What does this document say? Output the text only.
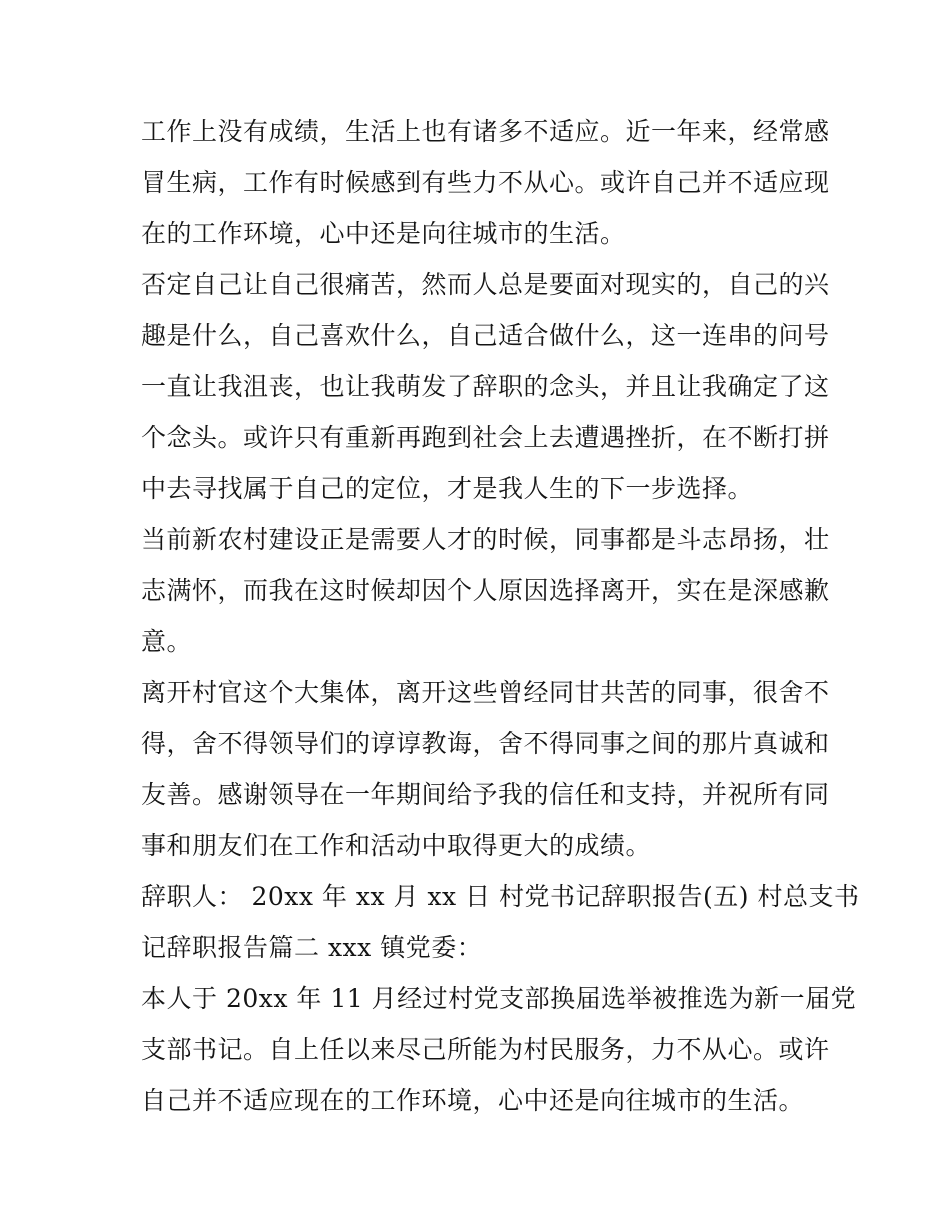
工作上没有成绩，生活上也有诸多不适应。近一年来，经常感
冒生病，工作有时候感到有些力不从心。或许自己并不适应现
在的工作环境，心中还是向往城市的生活。

否定自己让自己很痛苦，然而人总是要面对现实的，自己的兴
趣是什么，自己喜欢什么，自己适合做什么，这一连串的问号
一直让我沮丧，也让我萌发了辞职的念头，并且让我确定了这
个念头。或许只有重新再跑到社会上去遭遇挫折，在不断打拼
中去寻找属于自己的定位，才是我人生的下一步选择。

当前新农村建设正是需要人才的时候，同事都是斗志昂扬，壮
志满怀，而我在这时候却因个人原因选择离开，实在是深感歉
意。

离开村官这个大集体，离开这些曾经同甘共苦的同事，很舍不
得，舍不得领导们的谆谆教诲，舍不得同事之间的那片真诚和
友善。感谢领导在一年期间给予我的信任和支持，并祝所有同
事和朋友们在工作和活动中取得更大的成绩。

辞职人： 20xx 年 xx 月 xx 日 村党书记辞职报告(五) 村总支书
记辞职报告篇二 xxx 镇党委：

本人于 20xx 年 11 月经过村党支部换届选举被推选为新一届党
支部书记。自上任以来尽己所能为村民服务，力不从心。或许
自己并不适应现在的工作环境，心中还是向往城市的生活。
